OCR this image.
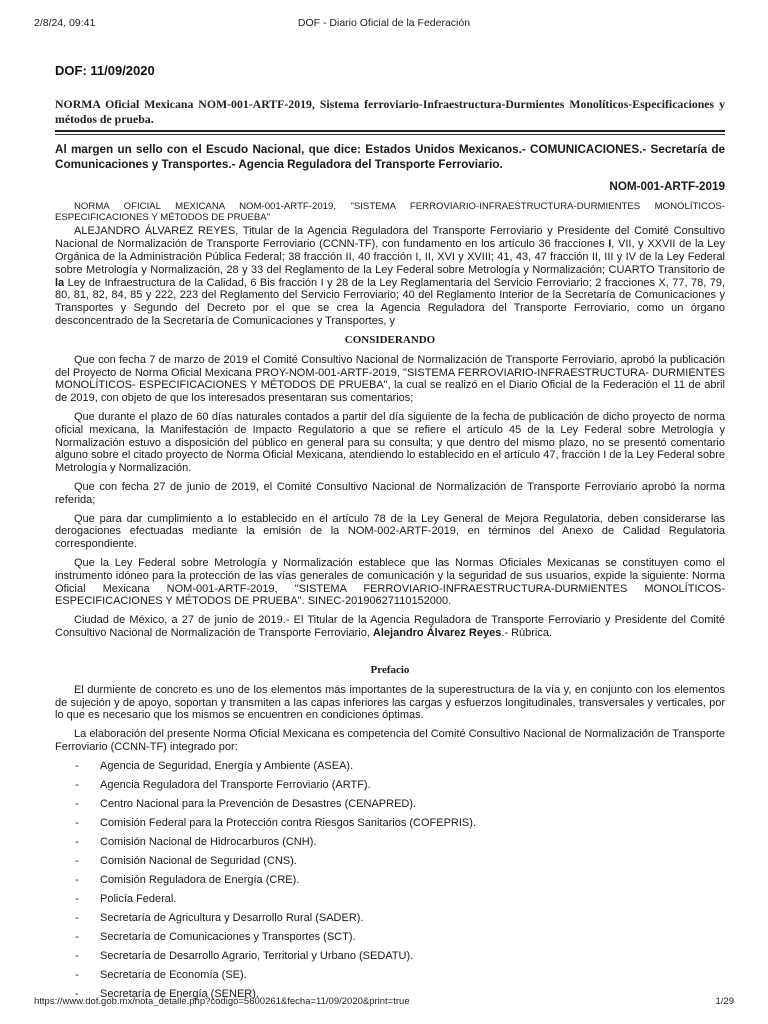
2/8/24, 09:41	DOF - Diario Oficial de la Federación
DOF: 11/09/2020
NORMA Oficial Mexicana NOM-001-ARTF-2019, Sistema ferroviario-Infraestructura-Durmientes Monolíticos-Especificaciones y métodos de prueba.
Al margen un sello con el Escudo Nacional, que dice: Estados Unidos Mexicanos.- COMUNICACIONES.- Secretaría de Comunicaciones y Transportes.- Agencia Reguladora del Transporte Ferroviario.
NOM-001-ARTF-2019

NORMA OFICIAL MEXICANA NOM-001-ARTF-2019, "SISTEMA FERROVIARIO-INFRAESTRUCTURA-DURMIENTES MONOLÍTICOS-ESPECIFICACIONES Y MÉTODOS DE PRUEBA"

ALEJANDRO ÁLVAREZ REYES, Titular de la Agencia Reguladora del Transporte Ferroviario y Presidente del Comité Consultivo Nacional de Normalización de Transporte Ferroviario (CCNN-TF), con fundamento en los artículo 36 fracciones I, VII, y XXVII de la Ley Orgánica de la Administración Pública Federal; 38 fracción II, 40 fracción I, II, XVI y XVIII; 41, 43, 47 fracción II, III y IV de la Ley Federal sobre Metrología y Normalización, 28 y 33 del Reglamento de la Ley Federal sobre Metrología y Normalización; CUARTO Transitorio de la Ley de Infraestructura de la Calidad, 6 Bis fracción I y 28 de la Ley Reglamentaria del Servicio Ferroviario; 2 fracciones X, 77, 78, 79, 80, 81, 82, 84, 85 y 222, 223 del Reglamento del Servicio Ferroviario; 40 del Reglamento Interior de la Secretaría de Comunicaciones y Transportes y Segundo del Decreto por el que se crea la Agencia Reguladora del Transporte Ferroviario, como un órgano desconcentrado de la Secretaría de Comunicaciones y Transportes, y

CONSIDERANDO

Que con fecha 7 de marzo de 2019 el Comité Consultivo Nacional de Normalización de Transporte Ferroviario, aprobó la publicación del Proyecto de Norma Oficial Mexicana PROY-NOM-001-ARTF-2019, "SISTEMA FERROVIARIO-INFRAESTRUCTURA- DURMIENTES MONOLÍTICOS- ESPECIFICACIONES Y MÉTODOS DE PRUEBA", la cual se realizó en el Diario Oficial de la Federación el 11 de abril de 2019, con objeto de que los interesados presentaran sus comentarios;

Que durante el plazo de 60 días naturales contados a partir del día siguiente de la fecha de publicación de dicho proyecto de norma oficial mexicana, la Manifestación de Impacto Regulatorio a que se refiere el artículo 45 de la Ley Federal sobre Metrología y Normalización estuvo a disposición del público en general para su consulta; y que dentro del mismo plazo, no se presentó comentario alguno sobre el citado proyecto de Norma Oficial Mexicana, atendiendo lo establecido en el artículo 47, fracción I de la Ley Federal sobre Metrología y Normalización.

Que con fecha 27 de junio de 2019, el Comité Consultivo Nacional de Normalización de Transporte Ferroviario aprobó la norma referida;

Que para dar cumplimiento a lo establecido en el artículo 78 de la Ley General de Mejora Regulatoria, deben considerarse las derogaciones efectuadas mediante la emisión de la NOM-002-ARTF-2019, en términos del Anexo de Calidad Regulatoria correspondiente.

Que la Ley Federal sobre Metrología y Normalización establece que las Normas Oficiales Mexicanas se constituyen como el instrumento idóneo para la protección de las vías generales de comunicación y la seguridad de sus usuarios, expide la siguiente: Norma Oficial Mexicana NOM-001-ARTF-2019, "SISTEMA FERROVIARIO-INFRAESTRUCTURA-DURMIENTES MONOLÍTICOS-ESPECIFICACIONES Y MÉTODOS DE PRUEBA". SINEC-20190627110152000.

Ciudad de México, a 27 de junio de 2019.- El Titular de la Agencia Reguladora de Transporte Ferroviario y Presidente del Comité Consultivo Nacional de Normalización de Transporte Ferroviario, Alejandro Álvarez Reyes.- Rúbrica.

Prefacio

El durmiente de concreto es uno de los elementos más importantes de la superestructura de la vía y, en conjunto con los elementos de sujeción y de apoyo, soportan y transmiten a las capas inferiores las cargas y esfuerzos longitudinales, transversales y verticales, por lo que es necesario que los mismos se encuentren en condiciones óptimas.

La elaboración del presente Norma Oficial Mexicana es competencia del Comité Consultivo Nacional de Normalización de Transporte Ferroviario (CCNN-TF) integrado por:

- Agencia de Seguridad, Energía y Ambiente (ASEA).
- Agencia Reguladora del Transporte Ferroviario (ARTF).
- Centro Nacional para la Prevención de Desastres (CENAPRED).
- Comisión Federal para la Protección contra Riesgos Sanitarios (COFEPRIS).
- Comisión Nacional de Hidrocarburos (CNH).
- Comisión Nacional de Seguridad (CNS).
- Comisión Reguladora de Energía (CRE).
- Policía Federal.
- Secretaría de Agricultura y Desarrollo Rural (SADER).
- Secretaría de Comunicaciones y Transportes (SCT).
- Secretaría de Desarrollo Agrario, Territorial y Urbano (SEDATU).
- Secretaría de Economía (SE).
- Secretaría de Energía (SENER).
https://www.dof.gob.mx/nota_detalle.php?codigo=5600261&fecha=11/09/2020&print=true	1/29
